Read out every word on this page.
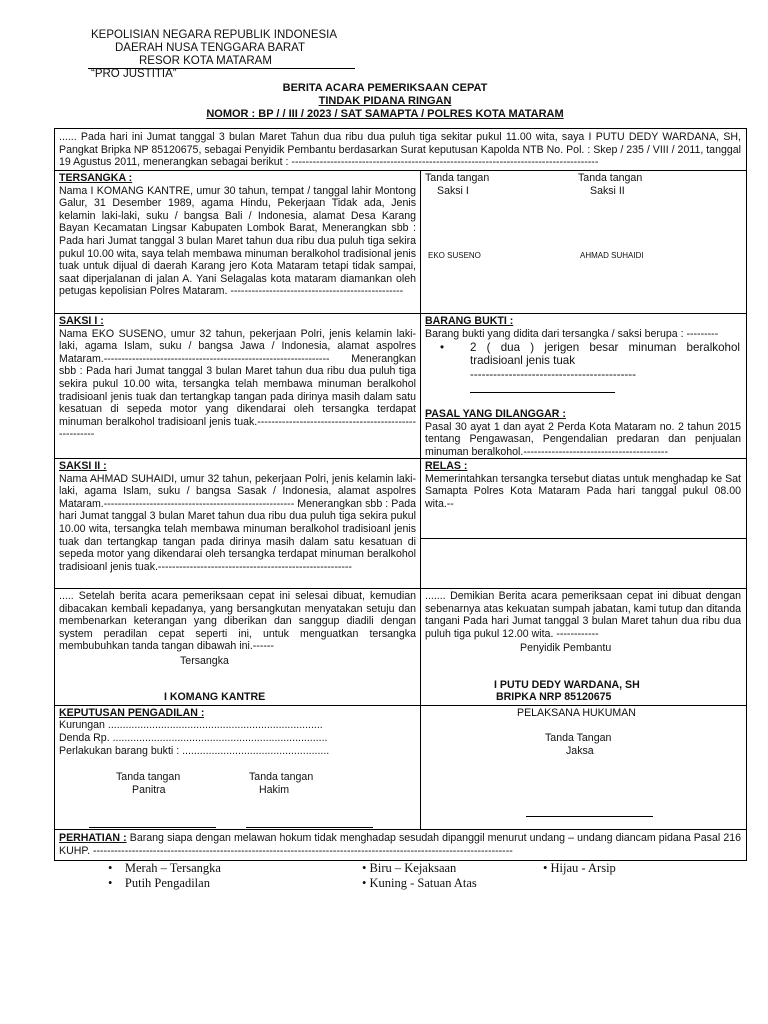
KEPOLISIAN NEGARA REPUBLIK INDONESIA
DAERAH NUSA TENGGARA BARAT
RESOR KOTA MATARAM
“PRO JUSTITIA”
BERITA ACARA PEMERIKSAAN CEPAT
TINDAK PIDANA RINGAN
NOMOR : BP / / III / 2023 / SAT SAMAPTA / POLRES KOTA MATARAM
...... Pada hari ini Jumat tanggal 3 bulan Maret Tahun dua ribu dua puluh tiga sekitar pukul 11.00 wita, saya I PUTU DEDY WARDANA, SH, Pangkat Bripka NP 85120675, sebagai Penyidik Pembantu berdasarkan Surat keputusan Kapolda NTB No. Pol. : Skep / 235 / VIII / 2011, tanggal 19 Agustus 2011, menerangkan sebagai berikut : ---------------------------------------------------------------------------------------
TERSANGKA :
Nama I KOMANG KANTRE, umur 30 tahun, tempat / tanggal lahir Montong Galur, 31 Desember 1989, agama Hindu, Pekerjaan Tidak ada, Jenis kelamin laki-laki, suku / bangsa Bali / Indonesia, alamat Desa Karang Bayan Kecamatan Lingsar Kabupaten Lombok Barat, Menerangkan sbb : Pada hari Jumat tanggal 3 bulan Maret tahun dua ribu dua puluh tiga sekira pukul 10.00 wita, saya telah membawa minuman beralkohol tradisional jenis tuak untuk dijual di daerah Karang jero Kota Mataram tetapi tidak sampai, saat diperjalanan di jalan A. Yani Selagalas kota mataram diamankan oleh petugas kepolisian Polres Mataram. -------------------------------------------------
Tanda tangan
Saksi I
Tanda tangan
Saksi II
EKO SUSENO	AHMAD SUHAIDI
SAKSI I :
Nama EKO SUSENO, umur 32 tahun, pekerjaan Polri, jenis kelamin laki-laki, agama Islam, suku / bangsa Jawa / Indonesia, alamat aspolres Mataram.---------------------------------------------------------------- Menerangkan sbb : Pada hari Jumat tanggal 3 bulan Maret tahun dua ribu dua puluh tiga sekira pukul 10.00 wita, tersangka telah membawa minuman beralkohol tradisioanl jenis tuak dan tertangkap tangan pada dirinya masih dalam satu kesatuan di sepeda motor yang dikendarai oleh tersangka terdapat minuman beralkohol tradisioanl jenis tuak.-------------------------------------------------------
BARANG BUKTI :
Barang bukti yang didita dari tersangka / saksi berupa : ---------
•	2 ( dua ) jerigen besar minuman beralkohol tradisioanl jenis tuak
-------------------------------------------
PASAL YANG DILANGGAR :
Pasal 30 ayat 1 dan ayat 2 Perda Kota Mataram no. 2 tahun 2015 tentang Pengawasan, Pengendalian predaran dan penjualan minuman beralkohol.-----------------------------------------
SAKSI II :
Nama AHMAD SUHAIDI, umur 32 tahun, pekerjaan Polri, jenis kelamin laki-laki, agama Islam, suku / bangsa Sasak / Indonesia, alamat aspolres Mataram.------------------------------------------------------ Menerangkan sbb : Pada hari Jumat tanggal 3 bulan Maret tahun dua ribu dua puluh tiga sekira pukul 10.00 wita, tersangka telah membawa minuman beralkohol tradisioanl jenis tuak dan tertangkap tangan pada dirinya masih dalam satu kesatuan di sepeda motor yang dikendarai oleh tersangka terdapat minuman beralkohol tradisioanl jenis tuak.-------------------------------------------------------
RELAS :
Memerintahkan tersangka tersebut diatas untuk menghadap ke Sat Samapta Polres Kota Mataram Pada hari tanggal pukul 08.00 wita.--
..... Setelah berita acara pemeriksaan cepat ini selesai dibuat, kemudian dibacakan kembali kepadanya, yang bersangkutan menyatakan setuju dan membenarkan keterangan yang diberikan dan sanggup diadili dengan system peradilan cepat seperti ini, untuk menguatkan tersangka membubuhkan tanda tangan dibawah ini.------
Tersangka
I KOMANG KANTRE
....... Demikian Berita acara pemeriksaan cepat ini dibuat dengan sebenarnya atas kekuatan sumpah jabatan, kami tutup dan ditanda tangani Pada hari Jumat tanggal 3 bulan Maret tahun dua ribu dua puluh tiga pukul 12.00 wita. ------------
Penyidik Pembantu
I PUTU DEDY WARDANA, SH
BRIPKA NRP 85120675
KEPUTUSAN PENGADILAN :
Kurungan .........................................................................
Denda Rp. .........................................................................
Perlakukan barang bukti : ..................................................
Tanda tangan
Panitra
Tanda tangan
Hakim
PELAKSANA HUKUMAN
Tanda Tangan
Jaksa
PERHATIAN : Barang siapa dengan melawan hokum tidak menghadap sesudah dipanggil menurut undang – undang diancam pidana Pasal 216 KUHP. -----------------------------------------------------------------------------------------------------------------------
• Merah – Tersangka
• Putih Pengadilan
• Biru – Kejaksaan
• Kuning - Satuan Atas
• Hijau - Arsip
